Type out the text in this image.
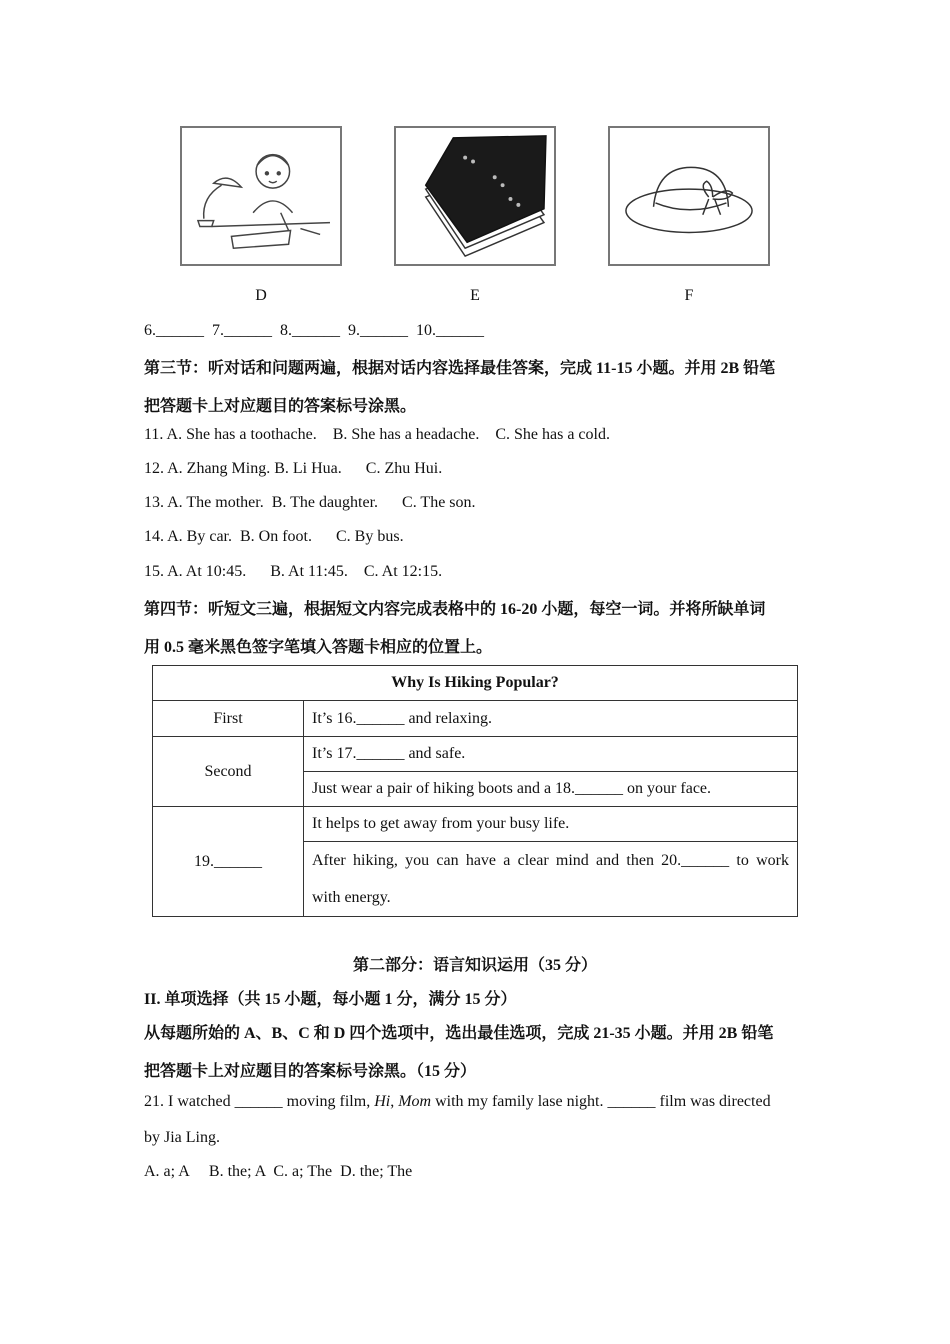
D	E	F
6.______  7.______  8.______  9.______  10.______
第三节：听对话和问题两遍，根据对话内容选择最佳答案，完成 11-15 小题。并用 2B 铅笔
把答题卡上对应题目的答案标号涂黑。
11. A. She has a toothache.    B. She has a headache.    C. She has a cold.
12. A. Zhang Ming. B. Li Hua.      C. Zhu Hui.
13. A. The mother.  B. The daughter.      C. The son.
14. A. By car.  B. On foot.      C. By bus.
15. A. At 10:45.      B. At 11:45.    C. At 12:15.
第四节：听短文三遍，根据短文内容完成表格中的 16-20 小题，每空一词。并将所缺单词
用 0.5 毫米黑色签字笔填入答题卡相应的位置上。
Why Is Hiking Popular?	
First	It’s 16.______ and relaxing.
Second	It’s 17.______ and safe.
	Just wear a pair of hiking boots and a 18.______ on your face.
19.______	It helps to get away from your busy life.

	After hiking, you can have a clear mind and then 20.______ to work
with energy.
第二部分：语言知识运用（35 分）
II. 单项选择（共 15 小题，每小题 1 分，满分 15 分）
从每题所始的 A、B、C 和 D 四个选项中，选出最佳选项，完成 21-35 小题。并用 2B 铅笔
把答题卡上对应题目的答案标号涂黑。（15 分）
21. I watched ______ moving film, Hi, Mom with my family lase night. ______ film was directed
by Jia Ling.
A. a; A     B. the; A  C. a; The  D. the; The
